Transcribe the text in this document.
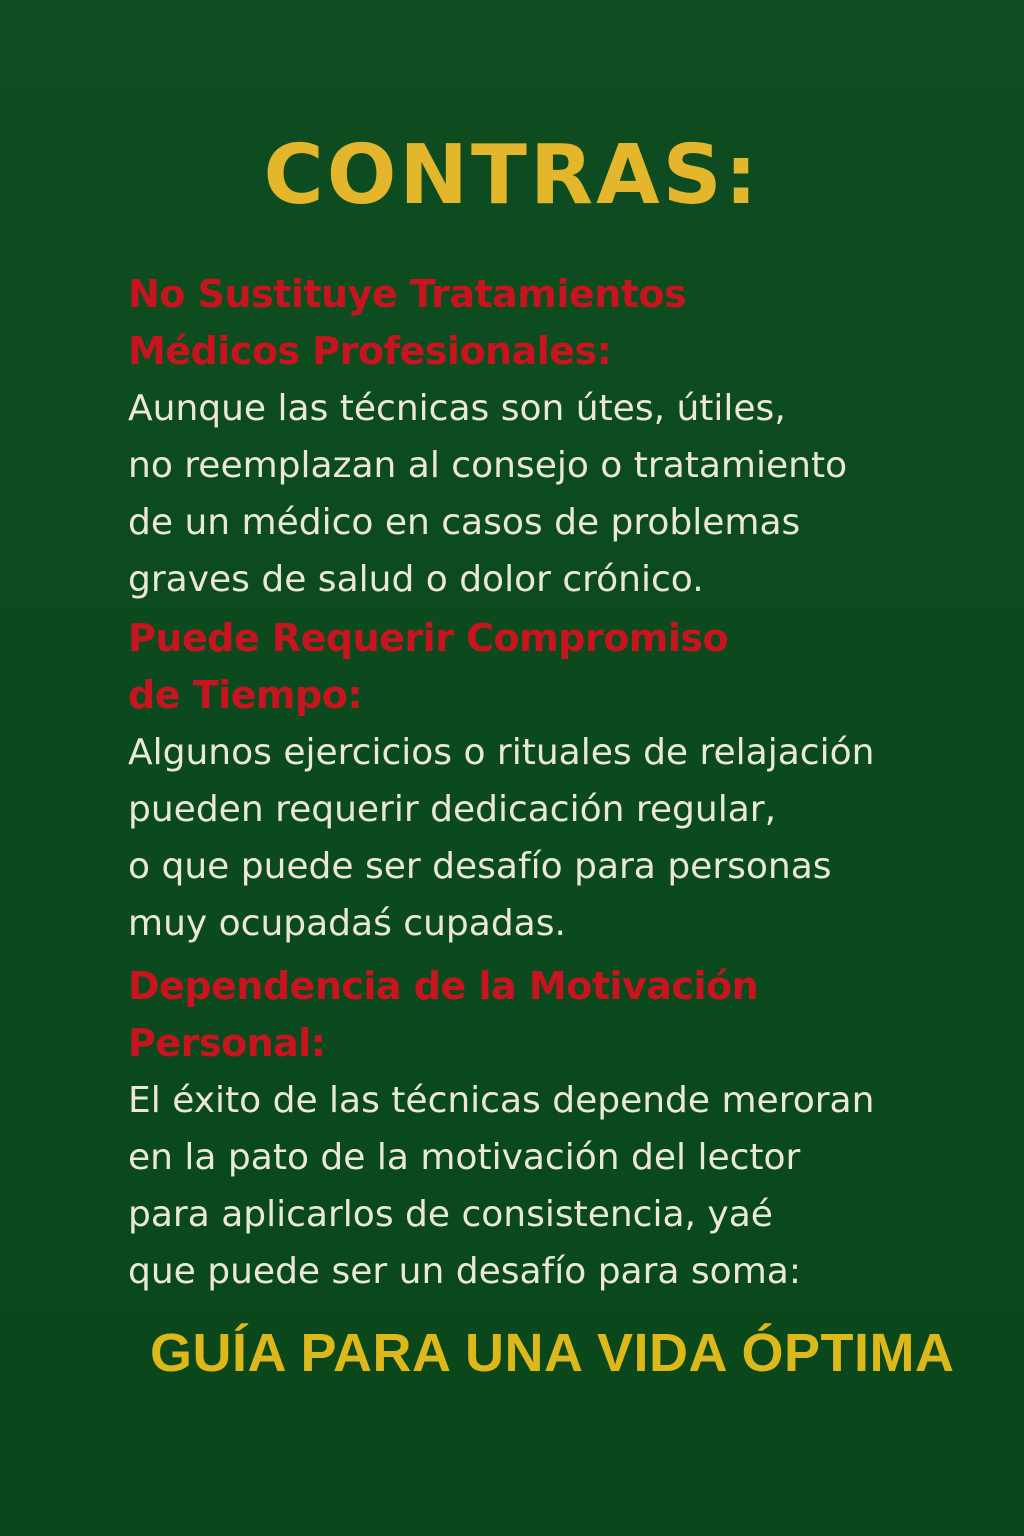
CONTRAS:

No Sustituye Tratamientos

Médicos Profesionales:

Aunque las técnicas son útes, útiles,

no reemplazan al consejo o tratamiento

de un médico en casos de problemas

graves de salud o dolor crónico.

Puede Requerir Compromiso

de Tiempo:

Algunos ejercicios o rituales de relajación

pueden requerir dedicación regular,

o que puede ser desafío para personas

muy ocupadaś cupadas.

Dependencia de la Motivación

Personal:

El éxito de las técnicas depende meroran

en la pato de la motivación del lector

para aplicarlos de consistencia, yaé

que puede ser un desafío para soma:

GUÍA PARA UNA VIDA ÓPTIMA
